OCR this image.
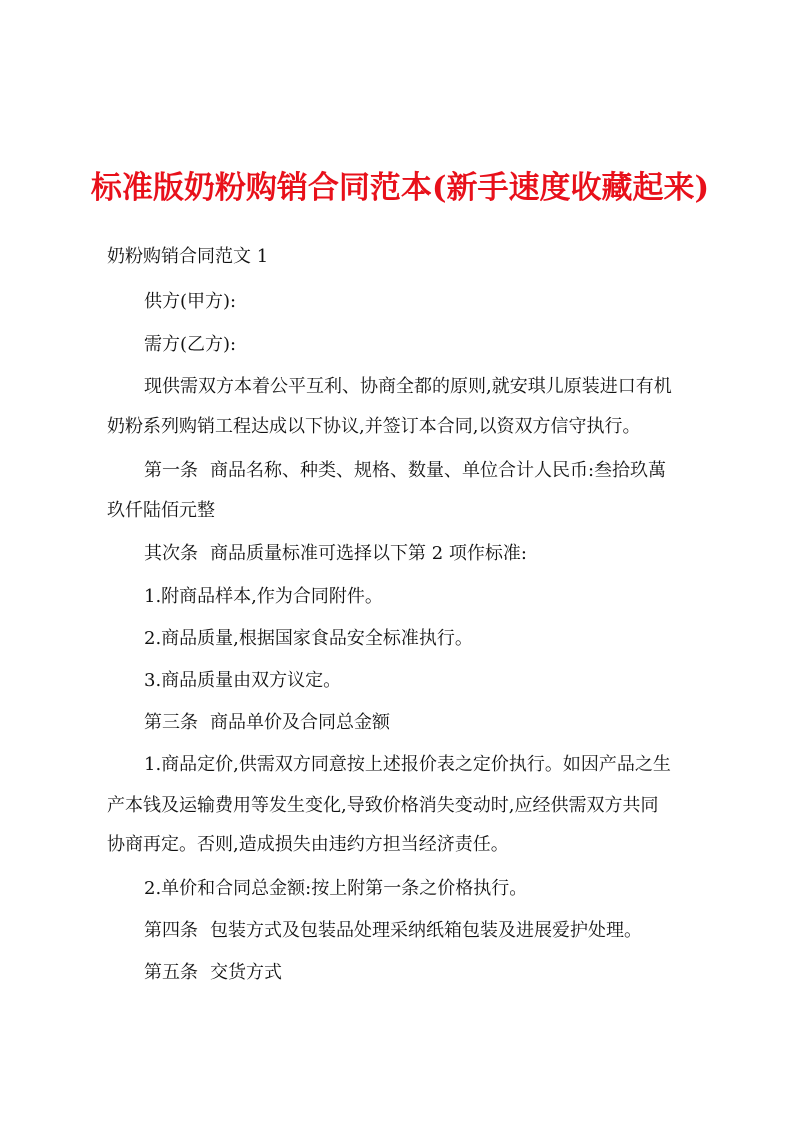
标准版奶粉购销合同范本(新手速度收藏起来)
奶粉购销合同范文 1
供方(甲方):
需方(乙方):
现供需双方本着公平互利、协商全都的原则,就安琪儿原装进口有机
奶粉系列购销工程达成以下协议,并签订本合同,以资双方信守执行。
第一条 商品名称、种类、规格、数量、单位合计人民币:叁拾玖萬
玖仟陆佰元整
其次条 商品质量标准可选择以下第 2 项作标准:
1.附商品样本,作为合同附件。
2.商品质量,根据国家食品安全标准执行。
3.商品质量由双方议定。
第三条 商品单价及合同总金额
1.商品定价,供需双方同意按上述报价表之定价执行。如因产品之生
产本钱及运输费用等发生变化,导致价格消失变动时,应经供需双方共同
协商再定。否则,造成损失由违约方担当经济责任。
2.单价和合同总金额:按上附第一条之价格执行。
第四条 包装方式及包装品处理采纳纸箱包装及进展爱护处理。
第五条 交货方式
